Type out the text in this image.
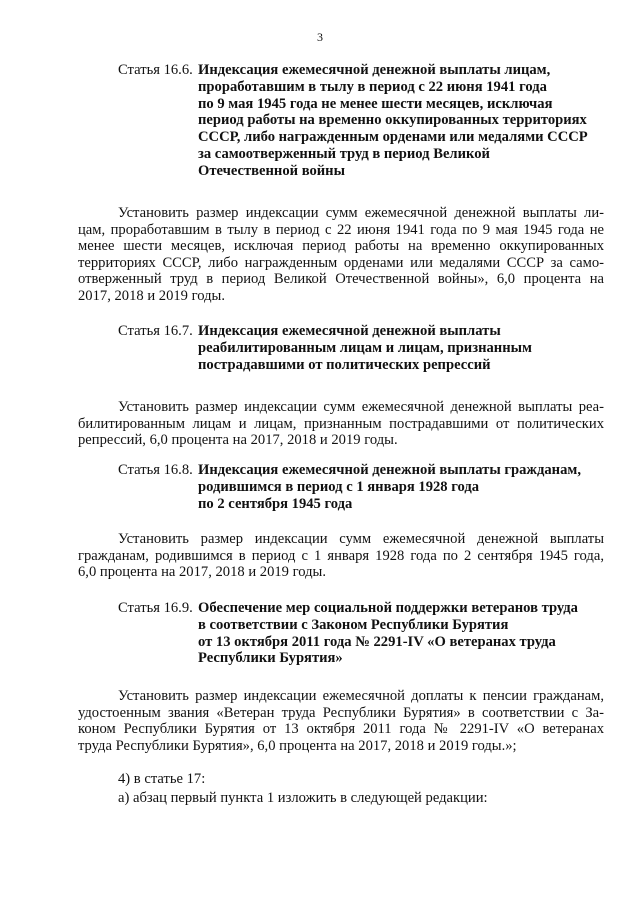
3
Статья 16.6. Индексация ежемесячной денежной выплаты лицам,
проработавшим в тылу в период с 22 июня 1941 года
по 9 мая 1945 года не менее шести месяцев, исключая
период работы на временно оккупированных территориях
СССР, либо награжденным орденами или медалями СССР
за самоотверженный труд в период Великой
Отечественной войны
Установить размер индексации сумм ежемесячной денежной выплаты ли-
цам, проработавшим в тылу в период с 22 июня 1941 года по 9 мая 1945 года не
менее шести месяцев, исключая период работы на временно оккупированных
территориях СССР, либо награжденным орденами или медалями СССР за само-
отверженный труд в период Великой Отечественной войны», 6,0 процента на
2017, 2018 и 2019 годы.
Статья 16.7. Индексация ежемесячной денежной выплаты
реабилитированным лицам и лицам, признанным
пострадавшими от политических репрессий
Установить размер индексации сумм ежемесячной денежной выплаты реа-
билитированным лицам и лицам, признанным пострадавшими от политических
репрессий, 6,0 процента на 2017, 2018 и 2019 годы.
Статья 16.8. Индексация ежемесячной денежной выплаты гражданам,
родившимся в период с 1 января 1928 года
по 2 сентября 1945 года
Установить размер индексации сумм ежемесячной денежной выплаты
гражданам, родившимся в период с 1 января 1928 года по 2 сентября 1945 года,
6,0 процента на 2017, 2018 и 2019 годы.
Статья 16.9. Обеспечение мер социальной поддержки ветеранов труда
в соответствии с Законом Республики Бурятия
от 13 октября 2011 года № 2291-IV «О ветеранах труда
Республики Бурятия»
Установить размер индексации ежемесячной доплаты к пенсии гражданам,
удостоенным звания «Ветеран труда Республики Бурятия» в соответствии с За-
коном Республики Бурятия от 13 октября 2011 года № 2291-IV «О ветеранах
труда Республики Бурятия», 6,0 процента на 2017, 2018 и 2019 годы.»;
4) в статье 17:
а) абзац первый пункта 1 изложить в следующей редакции:
